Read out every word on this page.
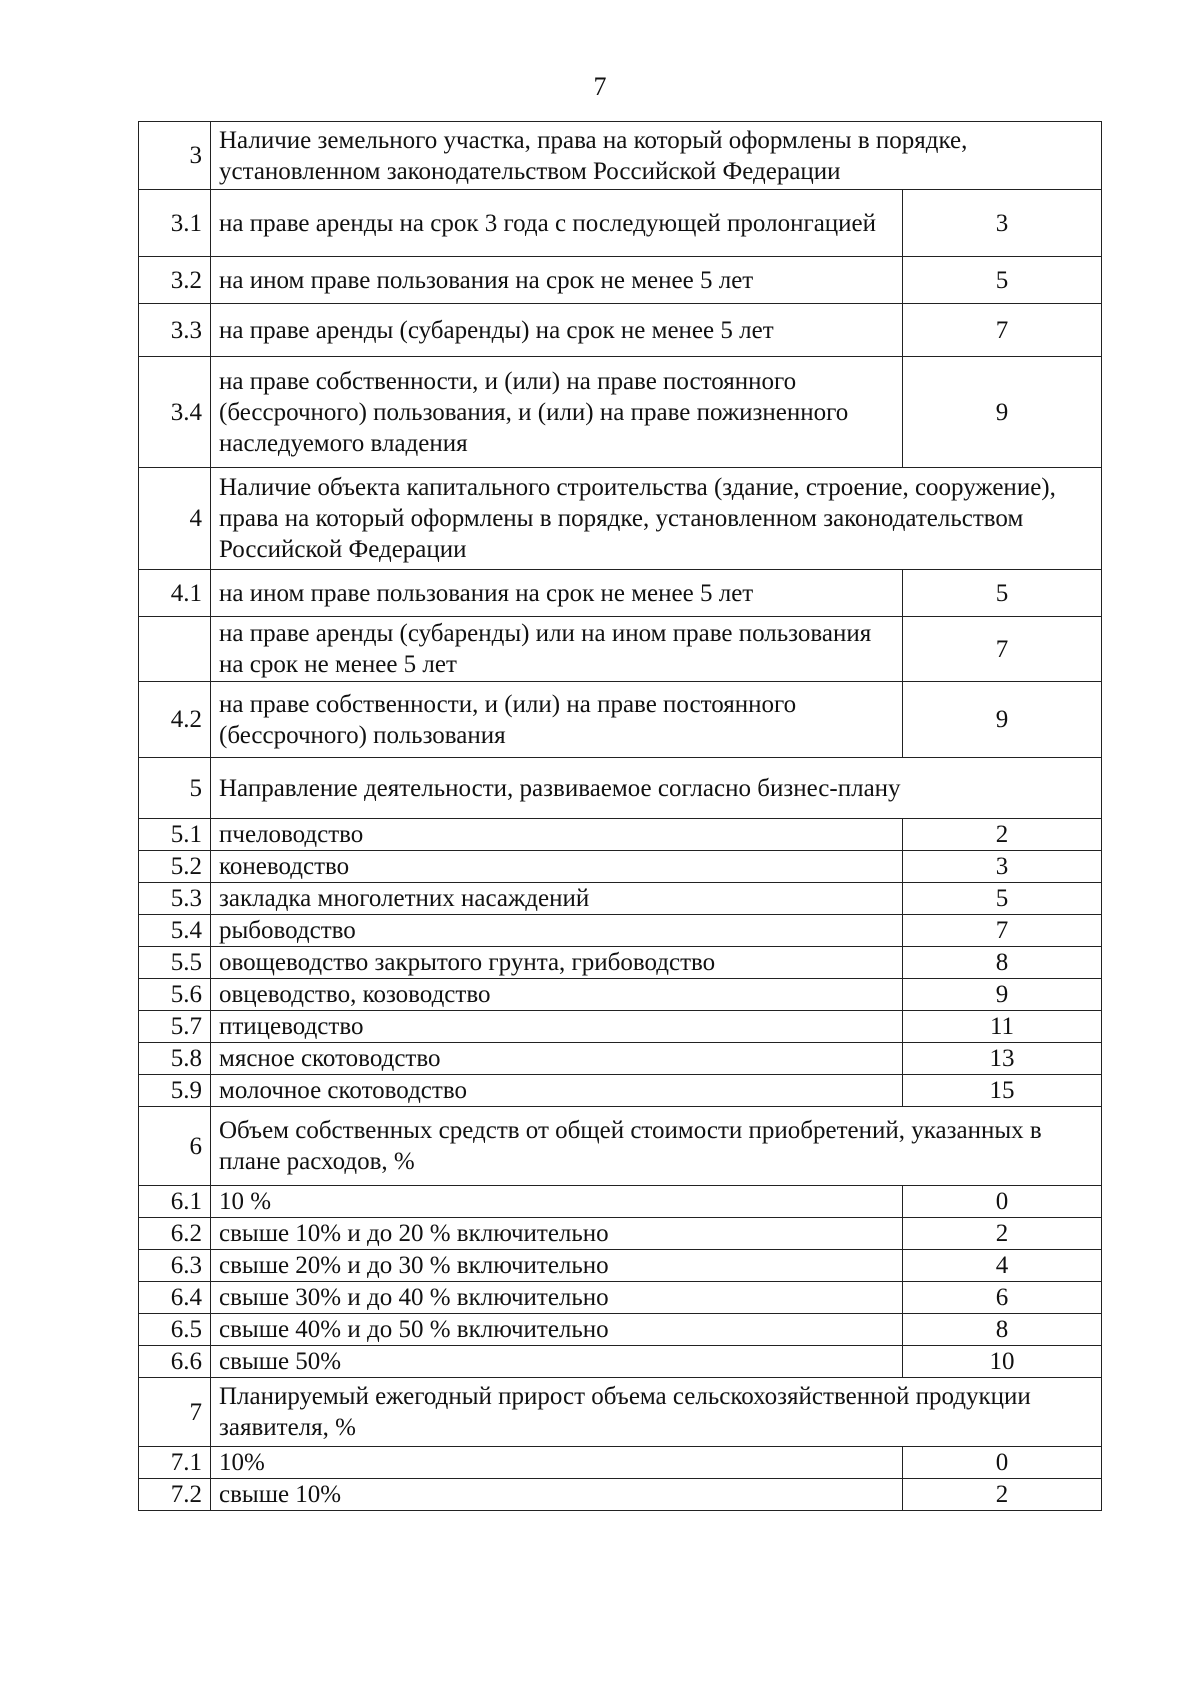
7
3	Наличие земельного участка, права на который оформлены в порядке, установленном законодательством Российской Федерации	
3.1	на праве аренды на срок 3 года с последующей пролонгацией	3
3.2	на ином праве пользования на срок не менее 5 лет	5
3.3	на праве аренды (субаренды) на срок не менее 5 лет	7
3.4	на праве собственности, и (или) на праве постоянного (бессрочного) пользования, и (или) на праве пожизненного наследуемого владения	9
4	Наличие объекта капитального строительства (здание, строение, сооружение), права на который оформлены в порядке, установленном законодательством Российской Федерации	
4.1	на ином праве пользования на срок не менее 5 лет	5
	на праве аренды (субаренды) или на ином праве пользования на срок не менее 5 лет	7
4.2	на праве собственности, и (или) на праве постоянного (бессрочного) пользования	9
5	Направление деятельности, развиваемое согласно бизнес-плану	
5.1	пчеловодство	2
5.2	коневодство	3
5.3	закладка многолетних насаждений	5
5.4	рыбоводство	7
5.5	овощеводство закрытого грунта, грибоводство	8
5.6	овцеводство, козоводство	9
5.7	птицеводство	11
5.8	мясное скотоводство	13
5.9	молочное скотоводство	15
6	Объем собственных средств от общей стоимости приобретений, указанных в плане расходов, %	
6.1	10 %	0
6.2	свыше 10% и до 20 % включительно	2
6.3	свыше 20% и до 30 % включительно	4
6.4	свыше 30% и до 40 % включительно	6
6.5	свыше 40% и до 50 % включительно	8
6.6	свыше 50%	10
7	Планируемый ежегодный прирост объема сельскохозяйственной продукции заявителя, %	
7.1	10%	0
7.2	свыше 10%	2
